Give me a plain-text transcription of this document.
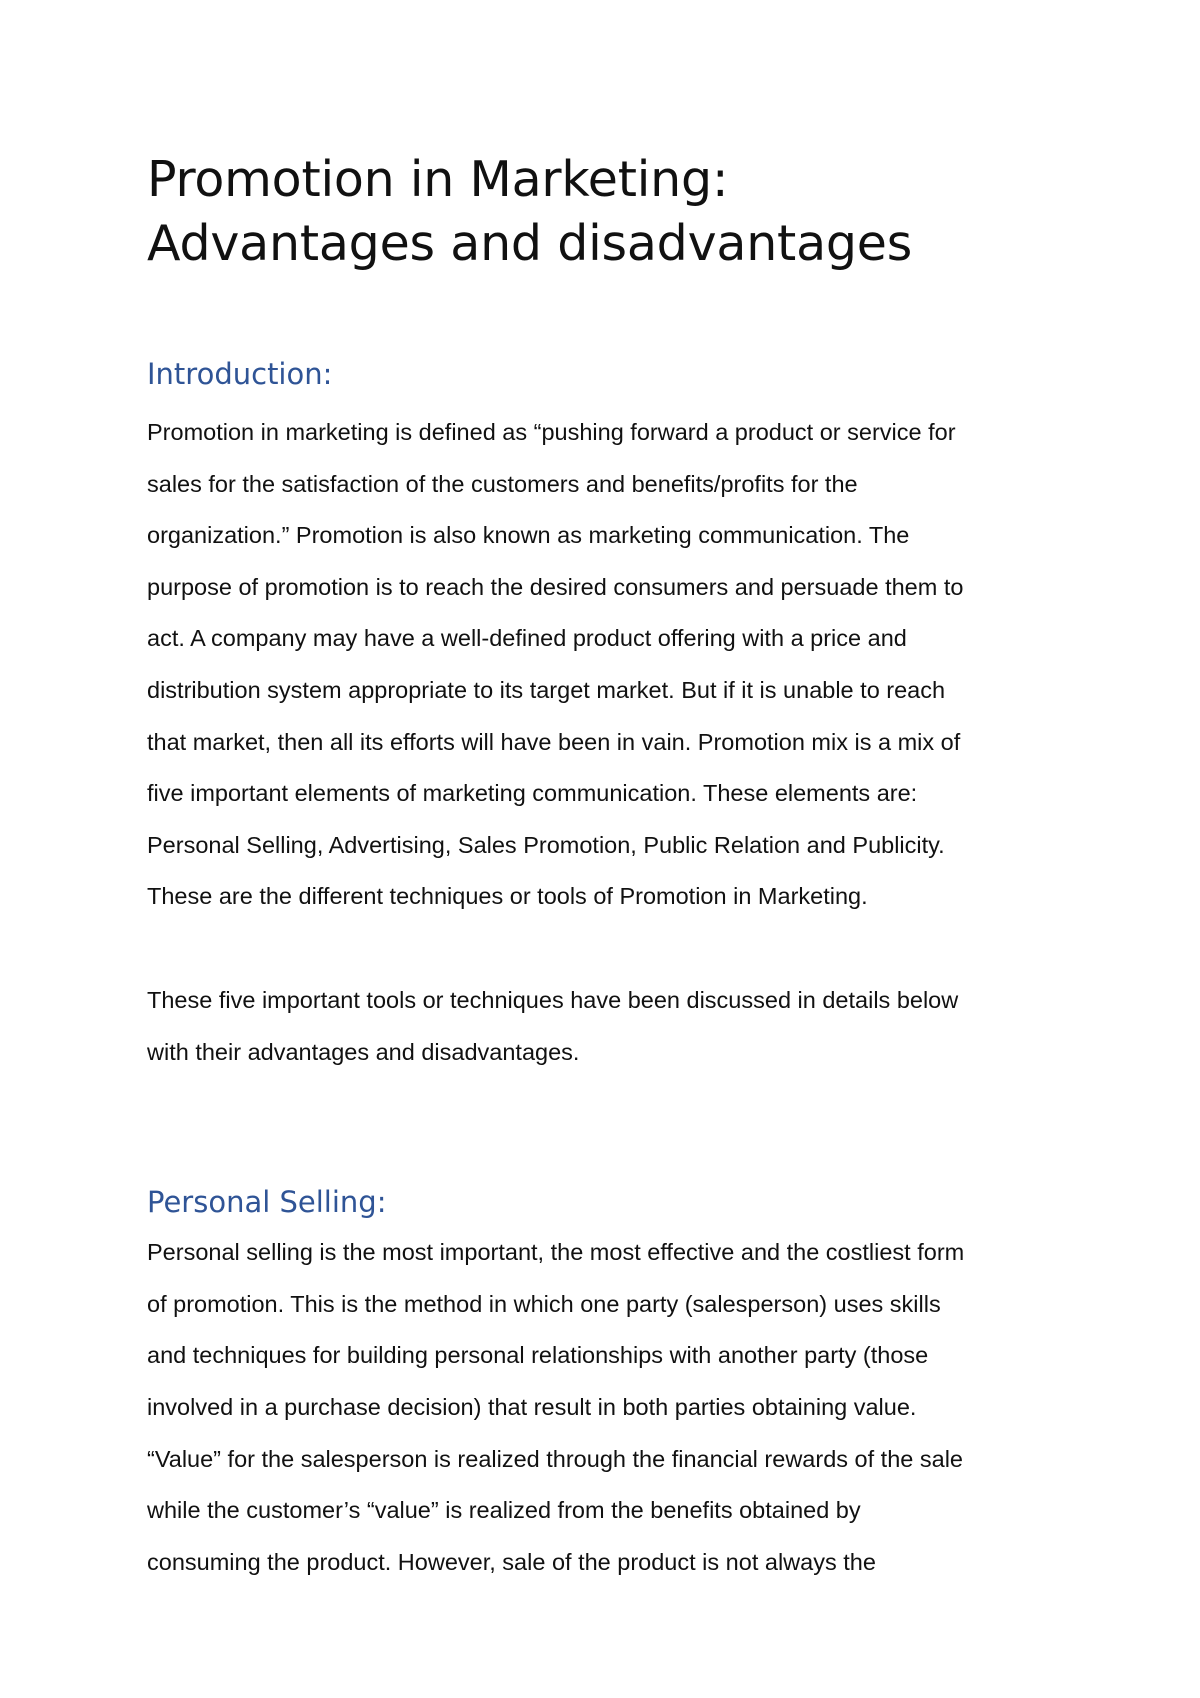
Promotion in Marketing:
Advantages and disadvantages
Introduction:

Promotion in marketing is defined as “pushing forward a product or service for
sales for the satisfaction of the customers and benefits/profits for the
organization.” Promotion is also known as marketing communication. The
purpose of promotion is to reach the desired consumers and persuade them to
act. A company may have a well-defined product offering with a price and
distribution system appropriate to its target market. But if it is unable to reach
that market, then all its efforts will have been in vain. Promotion mix is a mix of
five important elements of marketing communication. These elements are:
Personal Selling, Advertising, Sales Promotion, Public Relation and Publicity.
These are the different techniques or tools of Promotion in Marketing.

These five important tools or techniques have been discussed in details below
with their advantages and disadvantages.

Personal Selling:

Personal selling is the most important, the most effective and the costliest form
of promotion. This is the method in which one party (salesperson) uses skills
and techniques for building personal relationships with another party (those
involved in a purchase decision) that result in both parties obtaining value.
“Value” for the salesperson is realized through the financial rewards of the sale
while the customer’s “value” is realized from the benefits obtained by
consuming the product. However, sale of the product is not always the
